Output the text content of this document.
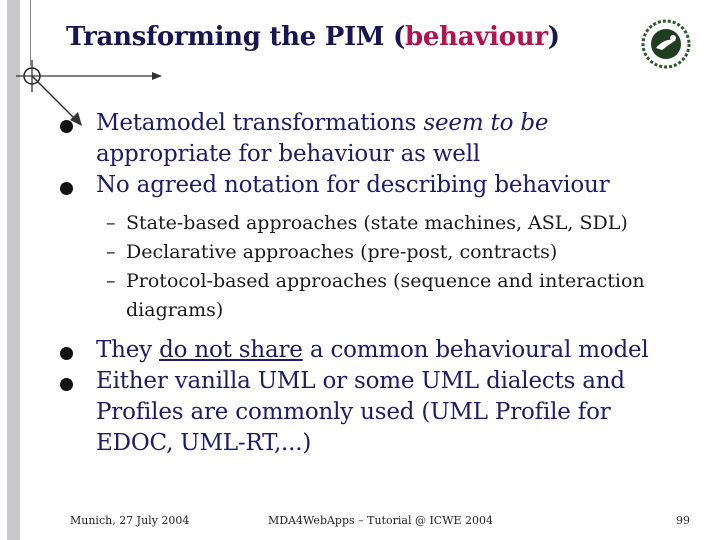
Transforming the PIM (behaviour)
Metamodel transformations seem to be
appropriate for behaviour as well
No agreed notation for describing behaviour
– State-based approaches (state machines, ASL, SDL)
– Declarative approaches (pre-post, contracts)
– Protocol-based approaches (sequence and interaction
diagrams)
They do not share a common behavioural model
Either vanilla UML or some UML dialects and
Profiles are commonly used (UML Profile for
EDOC, UML-RT,...)
Munich, 27 July 2004	MDA4WebApps – Tutorial @ ICWE 2004	99
